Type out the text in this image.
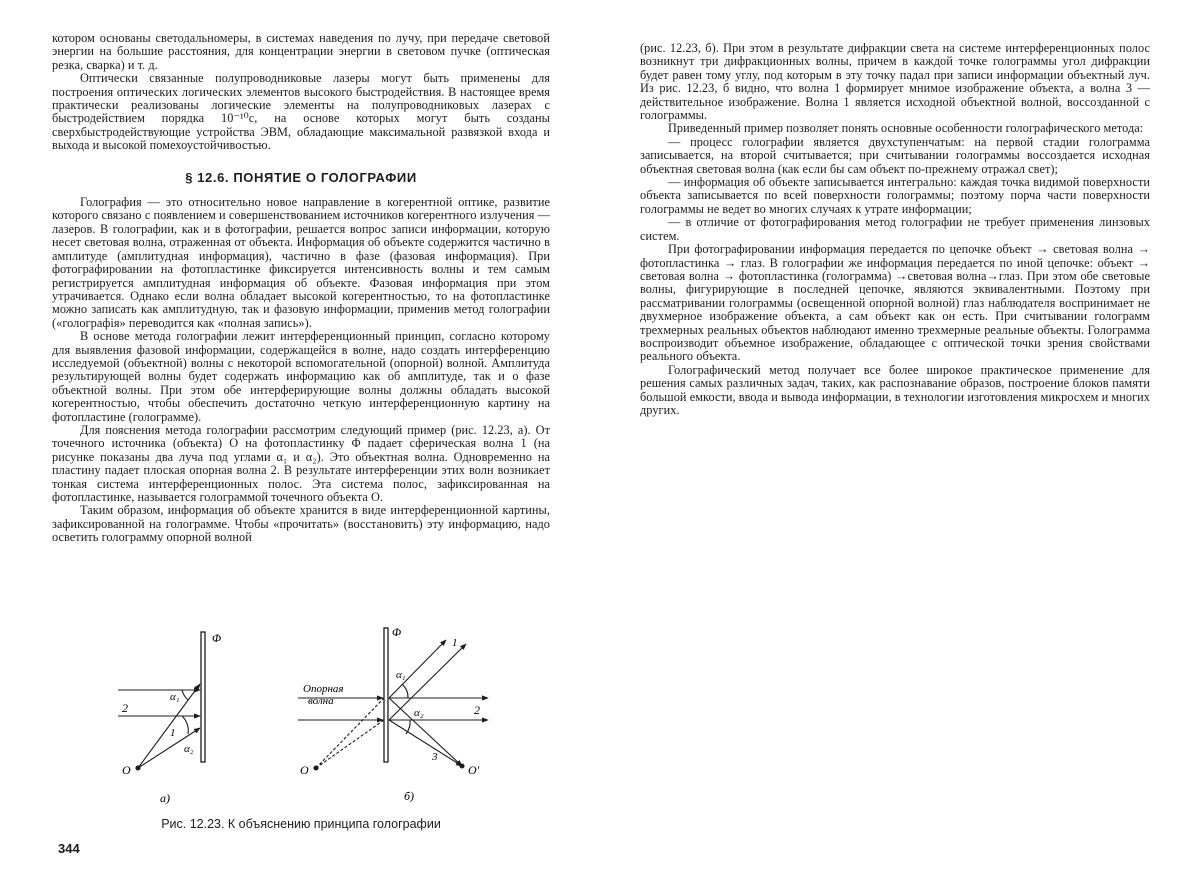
котором основаны светодальномеры, в системах наведения по лучу, при передаче световой энергии на большие расстояния, для концентрации энергии в световом пучке (оптическая резка, сварка) и т. д.

Оптически связанные полупроводниковые лазеры могут быть применены для построения оптических логических элементов высокого быстродействия. В настоящее время практически реализованы логические элементы на полупроводниковых лазерах с быстродействием порядка 10⁻¹⁰с, на основе которых могут быть созданы сверхбыстродействующие устройства ЭВМ, обладающие максимальной развязкой входа и выхода и высокой помехоустойчивостью.

§ 12.6. ПОНЯТИЕ О ГОЛОГРАФИИ

Голография — это относительно новое направление в когерентной оптике, развитие которого связано с появлением и совершенствованием источников когерентного излучения — лазеров. В голографии, как и в фотографии, решается вопрос записи информации, которую несет световая волна, отраженная от объекта. Информация об объекте содержится частично в амплитуде (амплитудная информация), частично в фазе (фазовая информация). При фотографировании на фотопластинке фиксируется интенсивность волны и тем самым регистрируется амплитудная информация об объекте. Фазовая информация при этом утрачивается. Однако если волна обладает высокой когерентностью, то на фотопластинке можно записать как амплитудную, так и фазовую информации, применив метод голографии («голографія» переводится как «полная запись»).

В основе метода голографии лежит интерференционный принцип, согласно которому для выявления фазовой информации, содержащейся в волне, надо создать интерференцию исследуемой (объектной) волны с некоторой вспомогательной (опорной) волной. Амплитуда результирующей волны будет содержать информацию как об амплитуде, так и о фазе объектной волны. При этом обе интерферирующие волны должны обладать высокой когерентностью, чтобы обеспечить достаточно четкую интерференционную картину на фотопластине (голограмме).

Для пояснения метода голографии рассмотрим следующий пример (рис. 12.23, а). От точечного источника (объекта) O на фотопластинку Φ падает сферическая волна 1 (на рисунке показаны два луча под углами α₁ и α₂). Это объектная волна. Одновременно на пластину падает плоская опорная волна 2. В результате интерференции этих волн возникает тонкая система интерференционных полос. Эта система полос, зафиксированная на фотопластинке, называется голограммой точечного объекта O.

Таким образом, информация об объекте хранится в виде интерференционной картины, зафиксированной на голограмме. Чтобы «прочитать» (восстановить) эту информацию, надо осветить голограмму опорной волной

(рис. 12.23, б). При этом в результате дифракции света на системе интерференционных полос возникнут три дифракционных волны, причем в каждой точке голограммы угол дифракции будет равен тому углу, под которым в эту точку падал при записи информации объектный луч. Из рис. 12.23, б видно, что волна 1 формирует мнимое изображение объекта, а волна 3 — действительное изображение. Волна 1 является исходной объектной волной, воссозданной с голограммы.

Приведенный пример позволяет понять основные особенности голографического метода:

— процесс голографии является двухступенчатым: на первой стадии голограмма записывается, на второй считывается; при считывании голограммы воссоздается исходная объектная световая волна (как если бы сам объект по-прежнему отражал свет);

— информация об объекте записывается интегрально: каждая точка видимой поверхности объекта записывается по всей поверхности голограммы; поэтому порча части поверхности голограммы не ведет во многих случаях к утрате информации;

— в отличие от фотографирования метод голографии не требует применения линзовых систем.

При фотографировании информация передается по цепочке объект → световая волна → фотопластинка → глаз. В голографии же информация передается по иной цепочке: объект → световая волна → фотопластинка (голограмма) →световая волна→глаз. При этом обе световые волны, фигурирующие в последней цепочке, являются эквивалентными. Поэтому при рассматривании голограммы (освещенной опорной волной) глаз наблюдателя воспринимает не двухмерное изображение объекта, а сам объект как он есть. При считывании голограмм трехмерных реальных объектов наблюдают именно трехмерные реальные объекты. Голограмма воспроизводит объемное изображение, обладающее с оптической точки зрения свойствами реального объекта.

Голографический метод получает все более широкое практическое применение для решения самых различных задач, таких, как распознавание образов, построение блоков памяти большой емкости, ввода и вывода информации, в технологии изготовления микросхем и многих других.

Φ
α₁
α₂
1
2
O
а)
Φ
Опорная
волна
1
α₁
α₂	2
3
O	O'
б)
Рис. 12.23. К объяснению принципа голографии
344
